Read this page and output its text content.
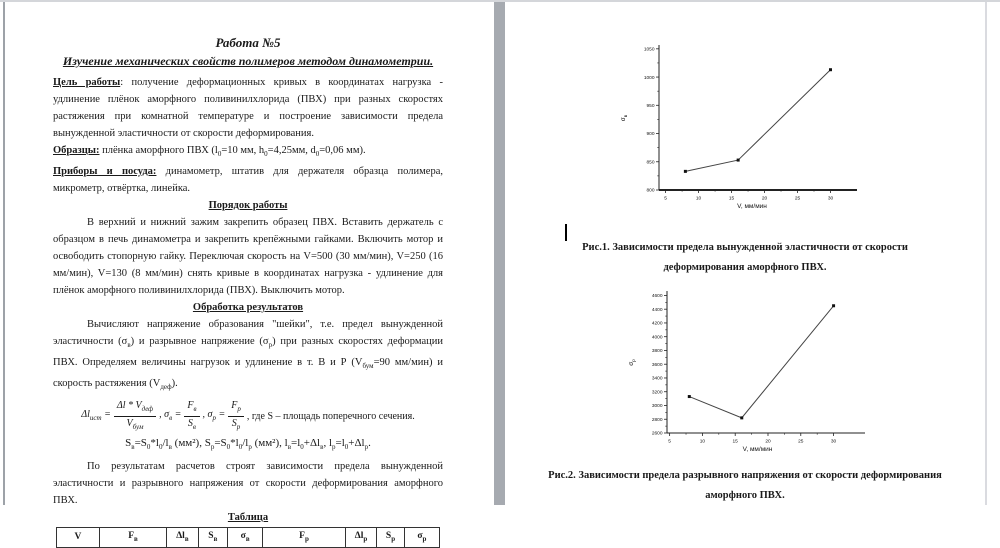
Работа №5
Изучение механических свойств полимеров методом динамометрии.

Цель работы: получение деформационных кривых в координатах нагрузка - удлинение плёнок аморфного поливинилхлорида (ПВХ) при разных скоростях растяжения при комнатной температуре и построение зависимости предела вынужденной эластичности от скорости деформирования.

Образцы: плёнка аморфного ПВХ ($l_0=10$ мм, $h_0=4,25мм$, $d_0=0,06$ мм).

Приборы и посуда: динамометр, штатив для держателя образца полимера, микрометр, отвёртка, линейка.

Порядок работы

В верхний и нижний зажим закрепить образец ПВХ. Вставить держатель с образцом в печь динамометра и закрепить крепёжными гайками. Включить мотор и освободить стопорную гайку. Переключая скорость на V=500 (30 мм/мин), V=250 (16 мм/мин), V=130 (8 мм/мин) снять кривые в координатах нагрузка - удлинение для плёнок аморфного поливинилхлорида (ПВХ). Выключить мотор.

Обработка результатов

Вычисляют напряжение образования "шейки", т.е. предел вынужденной эластичности $(\sigma_в)$ и разрывное напряжение $(\sigma_р)$ при разных скоростях деформации ПВХ. Определяем величины нагрузок и удлинение в т. В и Р ($V_{бум}=90$ мм/мин) и скорость растяжения $(V_{деф})$.

$\Delta l_{ист} = \frac{\Delta l * V_{деф}}{V_{бум}}$ , $\sigma_в = \frac{F_в}{S_в}$ , $\sigma_р = \frac{F_р}{S_р}$ , где S – площадь поперечного сечения.

$S_в=S_0*l_0/l_в$ (мм²), $S_р=S_0*l_0/l_р$ (мм²), $l_в=l_0+\Delta l_в$, $l_р=l_0+\Delta l_р$.

По результатам расчетов строят зависимости предела вынужденной эластичности и разрывного напряжения от скорости деформирования аморфного ПВХ.

Таблица

V	$F_в$	$\Delta l_в$	$S_в$	$\sigma_в$	$F_р$	$\Delta l_р$	$S_р$	$\sigma_р$
800
850
900
950
1000
1050
5	10	15	20	25	30
V, мм/мин
$\sigma_в$
Рис.1. Зависимости предела вынужденной эластичности от скорости
деформирования аморфного ПВХ.
2600
2800
3000
3200
3400
3600
3800
4000
4200
4400
4600
5	10	15	20	25	30
V, мм/мин
$\sigma_р$
Рис.2. Зависимости предела разрывного напряжения от скорости деформирования
аморфного ПВХ.
